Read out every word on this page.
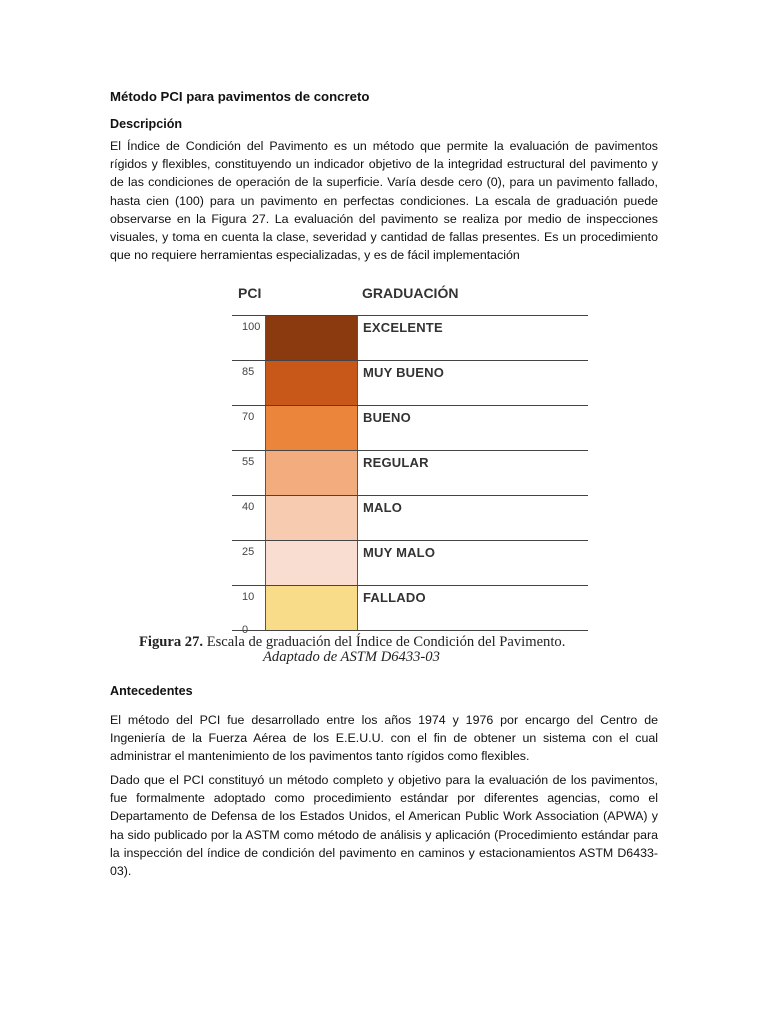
Método PCI para pavimentos de concreto
Descripción
El Índice de Condición del Pavimento es un método que permite la evaluación de pavimentos rígidos y flexibles, constituyendo un indicador objetivo de la integridad estructural del pavimento y de las condiciones de operación de la superficie. Varía desde cero (0), para un pavimento fallado, hasta cien (100) para un pavimento en perfectas condiciones. La escala de graduación puede observarse en la Figura 27. La evaluación del pavimento se realiza por medio de inspecciones visuales, y toma en cuenta la clase, severidad y cantidad de fallas presentes. Es un procedimiento que no requiere herramientas especializadas, y es de fácil implementación
PCI	GRADUACIÓN
100	EXCELENTE
85	MUY BUENO
70	BUENO
55	REGULAR
40	MALO
25	MUY MALO
10	FALLADO
0
Figura 27. Escala de graduación del Índice de Condición del Pavimento.
Adaptado de ASTM D6433-03
Antecedentes
El método del PCI fue desarrollado entre los años 1974 y 1976 por encargo del Centro de Ingeniería de la Fuerza Aérea de los E.E.U.U. con el fin de obtener un sistema con el cual administrar el mantenimiento de los pavimentos tanto rígidos como flexibles.
Dado que el PCI constituyó un método completo y objetivo para la evaluación de los pavimentos, fue formalmente adoptado como procedimiento estándar por diferentes agencias, como el Departamento de Defensa de los Estados Unidos, el American Public Work Association (APWA) y ha sido publicado por la ASTM como método de análisis y aplicación (Procedimiento estándar para la inspección del índice de condición del pavimento en caminos y estacionamientos ASTM D6433-03).
